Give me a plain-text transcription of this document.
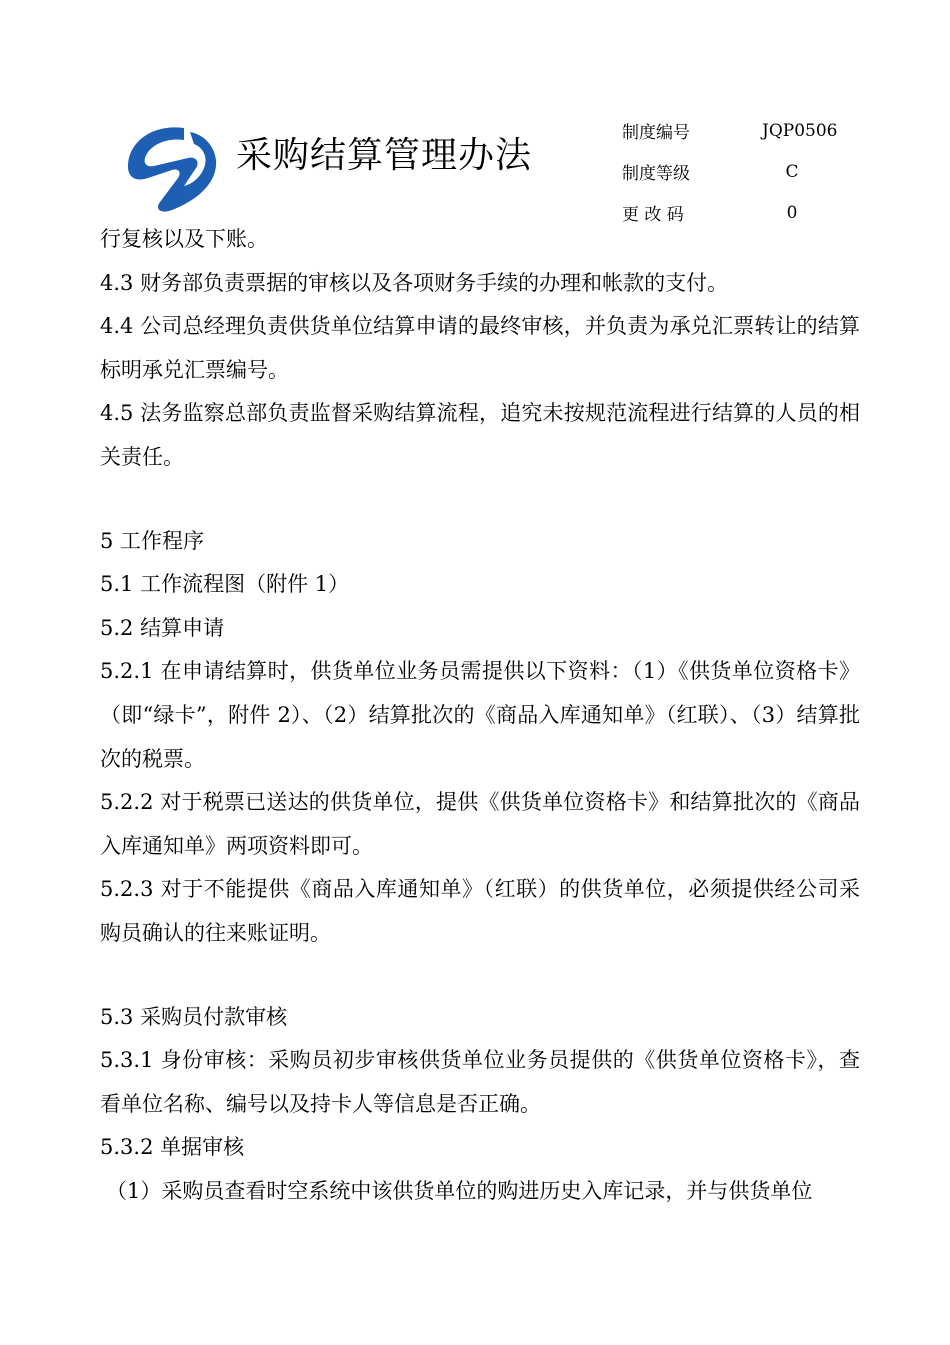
采购结算管理办法
制度编号	JQP0506
制度等级	C
更 改 码	0

行复核以及下账。

4.3 财务部负责票据的审核以及各项财务手续的办理和帐款的支付。

4.4 公司总经理负责供货单位结算申请的最终审核，并负责为承兑汇票转让的结算标明承兑汇票编号。

4.5 法务监察总部负责监督采购结算流程，追究未按规范流程进行结算的人员的相关责任。

5 工作程序

5.1 工作流程图（附件 1）

5.2 结算申请

5.2.1 在申请结算时，供货单位业务员需提供以下资料：（1）《供货单位资格卡》（即“绿卡”，附件 2）、（2）结算批次的《商品入库通知单》（红联）、（3）结算批次的税票。

5.2.2 对于税票已送达的供货单位，提供《供货单位资格卡》和结算批次的《商品入库通知单》两项资料即可。

5.2.3 对于不能提供《商品入库通知单》（红联）的供货单位，必须提供经公司采购员确认的往来账证明。

5.3 采购员付款审核

5.3.1 身份审核：采购员初步审核供货单位业务员提供的《供货单位资格卡》，查看单位名称、编号以及持卡人等信息是否正确。

5.3.2 单据审核

（1）采购员查看时空系统中该供货单位的购进历史入库记录，并与供货单位
